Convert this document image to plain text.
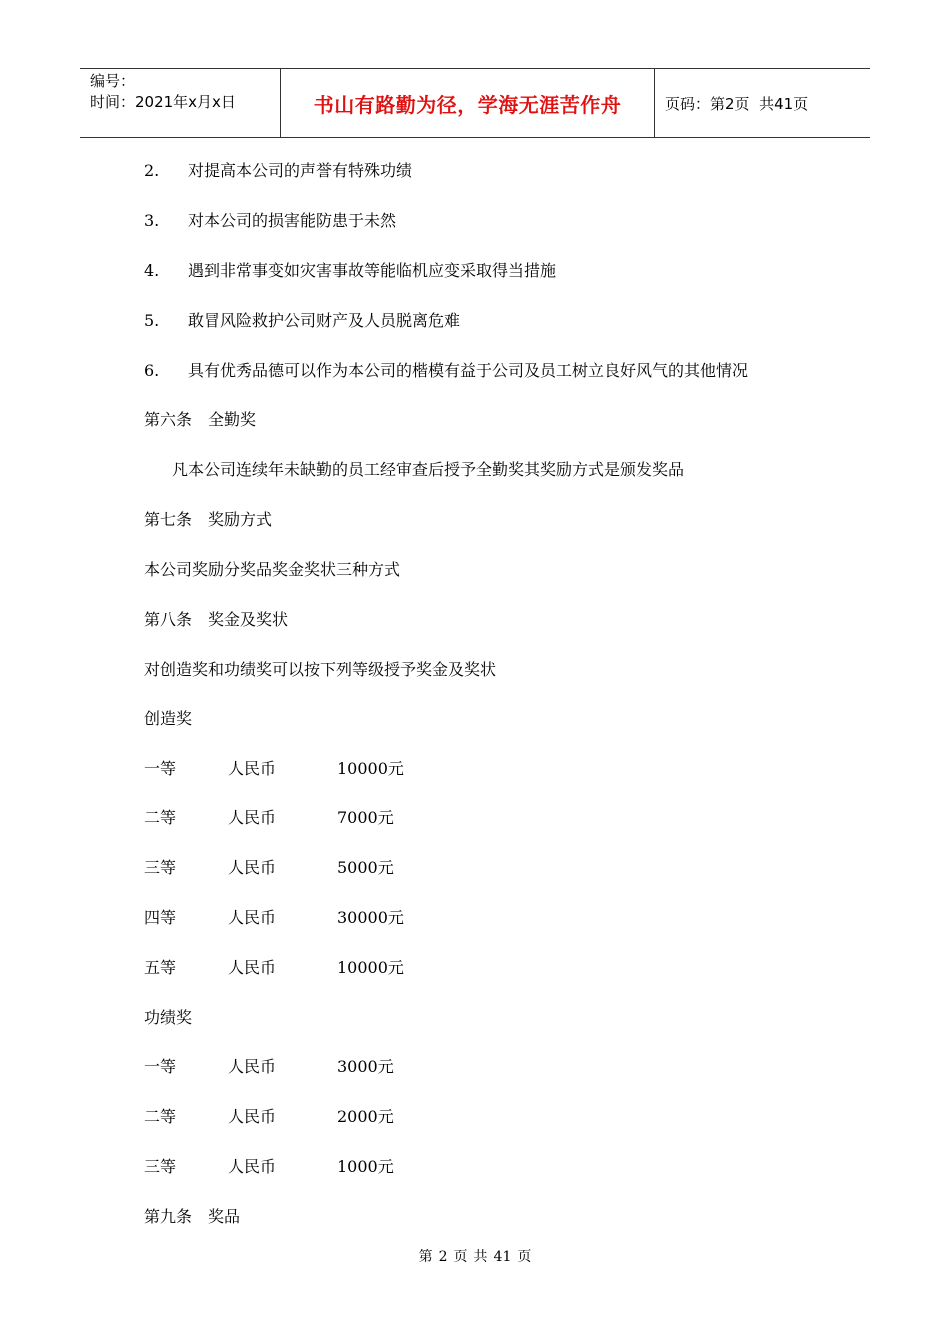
编号：
时间：2021年x月x日	书山有路勤为径，学海无涯苦作舟	页码：第2页  共41页
2. 对提高本公司的声誉有特殊功绩
3. 对本公司的损害能防患于未然
4. 遇到非常事变如灾害事故等能临机应变采取得当措施
5. 敢冒风险救护公司财产及人员脱离危难
6. 具有优秀品德可以作为本公司的楷模有益于公司及员工树立良好风气的其他情况
第六条 全勤奖
凡本公司连续年未缺勤的员工经审查后授予全勤奖其奖励方式是颁发奖品
第七条 奖励方式
本公司奖励分奖品奖金奖状三种方式
第八条 奖金及奖状
对创造奖和功绩奖可以按下列等级授予奖金及奖状
创造奖
一等	人民币	10000元
二等	人民币	7000元
三等	人民币	5000元
四等	人民币	30000元
五等	人民币	10000元
功绩奖
一等	人民币	3000元
二等	人民币	2000元
三等	人民币	1000元
第九条 奖品
第 2 页 共 41 页
